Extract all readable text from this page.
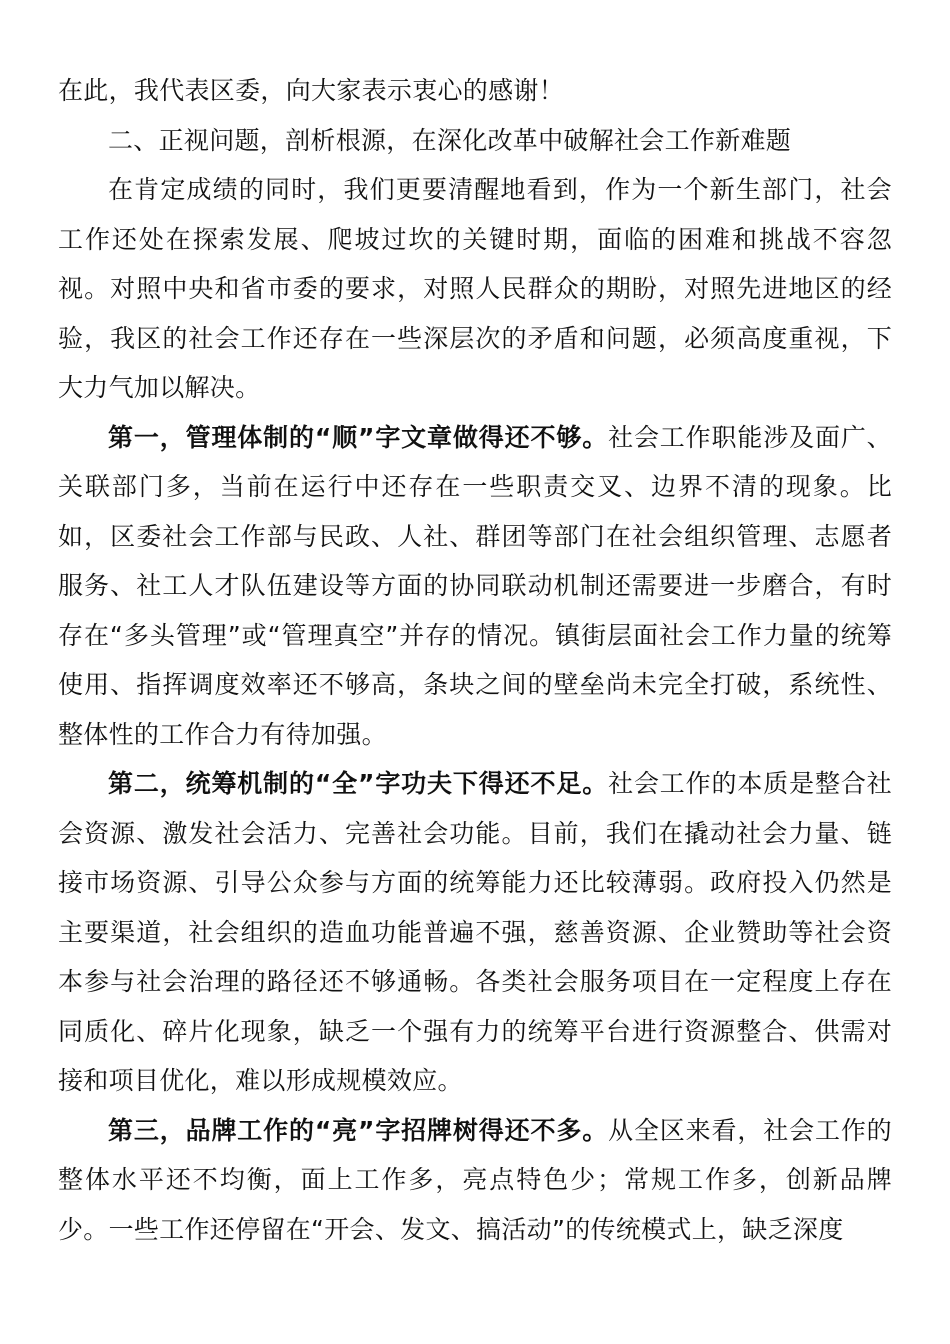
在此，我代表区委，向大家表示衷心的感谢！

二、正视问题，剖析根源，在深化改革中破解社会工作新难题

在肯定成绩的同时，我们更要清醒地看到，作为一个新生部门，社会工作还处在探索发展、爬坡过坎的关键时期，面临的困难和挑战不容忽视。对照中央和省市委的要求，对照人民群众的期盼，对照先进地区的经验，我区的社会工作还存在一些深层次的矛盾和问题，必须高度重视，下大力气加以解决。

第一，管理体制的“顺”字文章做得还不够。社会工作职能涉及面广、关联部门多，当前在运行中还存在一些职责交叉、边界不清的现象。比如，区委社会工作部与民政、人社、群团等部门在社会组织管理、志愿者服务、社工人才队伍建设等方面的协同联动机制还需要进一步磨合，有时存在“多头管理”或“管理真空”并存的情况。镇街层面社会工作力量的统筹使用、指挥调度效率还不够高，条块之间的壁垒尚未完全打破，系统性、整体性的工作合力有待加强。

第二，统筹机制的“全”字功夫下得还不足。社会工作的本质是整合社会资源、激发社会活力、完善社会功能。目前，我们在撬动社会力量、链接市场资源、引导公众参与方面的统筹能力还比较薄弱。政府投入仍然是主要渠道，社会组织的造血功能普遍不强，慈善资源、企业赞助等社会资本参与社会治理的路径还不够通畅。各类社会服务项目在一定程度上存在同质化、碎片化现象，缺乏一个强有力的统筹平台进行资源整合、供需对接和项目优化，难以形成规模效应。

第三，品牌工作的“亮”字招牌树得还不多。从全区来看，社会工作的整体水平还不均衡，面上工作多，亮点特色少；常规工作多，创新品牌少。一些工作还停留在“开会、发文、搞活动”的传统模式上，缺乏深度
